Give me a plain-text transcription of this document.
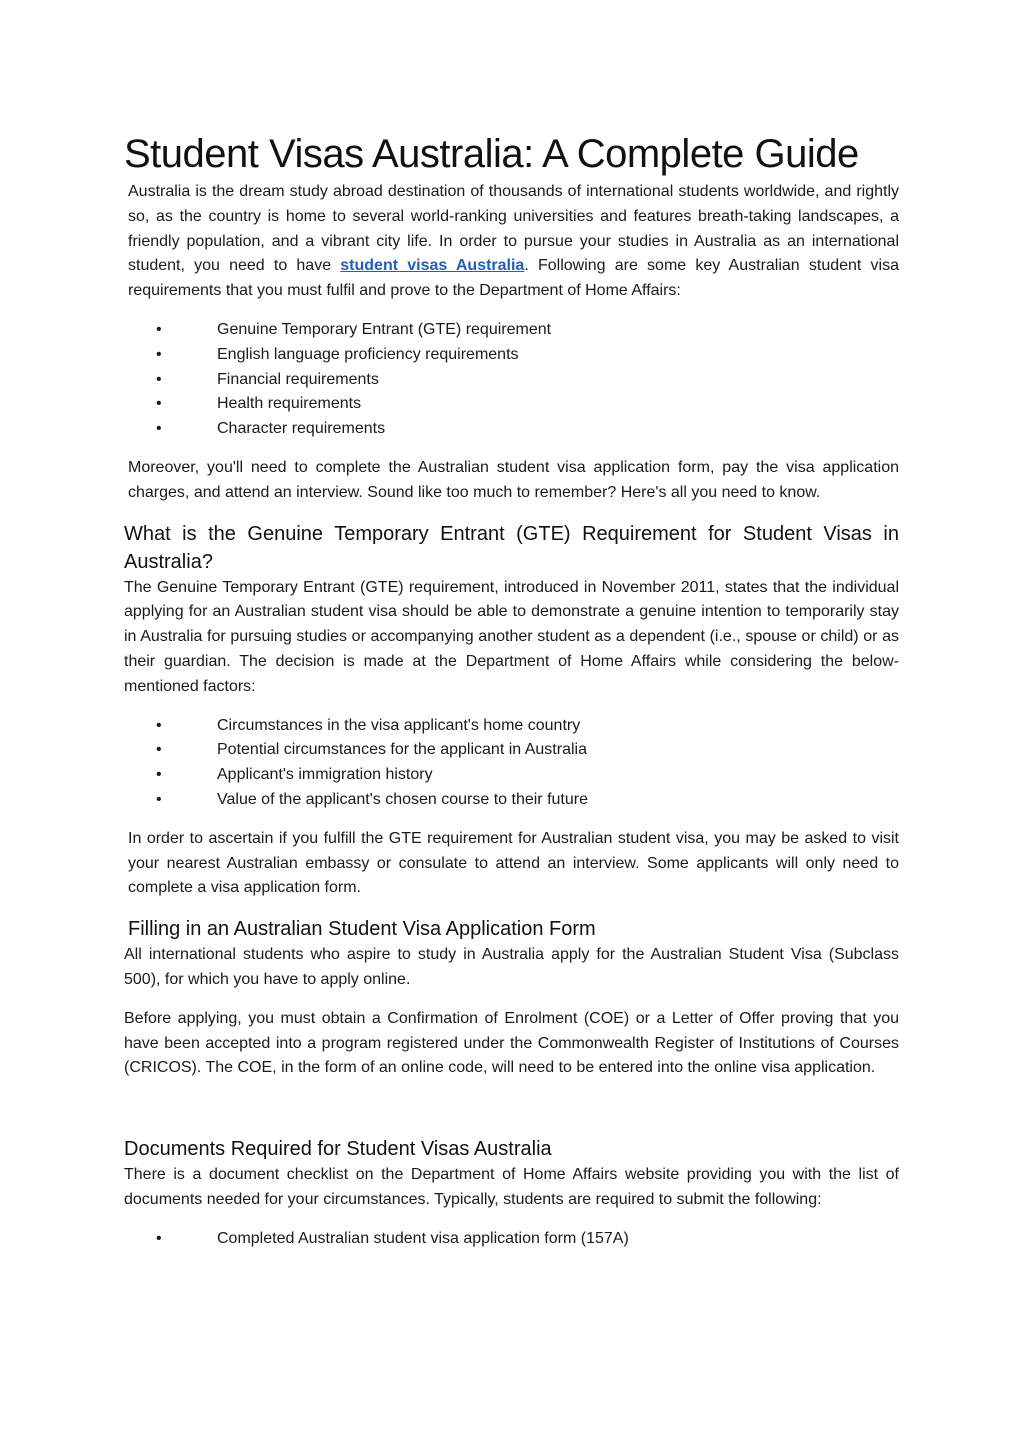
Student Visas Australia: A Complete Guide

Australia is the dream study abroad destination of thousands of international students worldwide, and rightly so, as the country is home to several world-ranking universities and features breath-taking landscapes, a friendly population, and a vibrant city life. In order to pursue your studies in Australia as an international student, you need to have student visas Australia. Following are some key Australian student visa requirements that you must fulfil and prove to the Department of Home Affairs:

•	Genuine Temporary Entrant (GTE) requirement
•	English language proficiency requirements
•	Financial requirements
•	Health requirements
•	Character requirements

Moreover, you'll need to complete the Australian student visa application form, pay the visa application charges, and attend an interview. Sound like too much to remember? Here's all you need to know.

What is the Genuine Temporary Entrant (GTE) Requirement for Student Visas in Australia?

The Genuine Temporary Entrant (GTE) requirement, introduced in November 2011, states that the individual applying for an Australian student visa should be able to demonstrate a genuine intention to temporarily stay in Australia for pursuing studies or accompanying another student as a dependent (i.e., spouse or child) or as their guardian. The decision is made at the Department of Home Affairs while considering the below-mentioned factors:

•	Circumstances in the visa applicant's home country
•	Potential circumstances for the applicant in Australia
•	Applicant's immigration history
•	Value of the applicant's chosen course to their future

In order to ascertain if you fulfill the GTE requirement for Australian student visa, you may be asked to visit your nearest Australian embassy or consulate to attend an interview. Some applicants will only need to complete a visa application form.

Filling in an Australian Student Visa Application Form

All international students who aspire to study in Australia apply for the Australian Student Visa (Subclass 500), for which you have to apply online.

Before applying, you must obtain a Confirmation of Enrolment (COE) or a Letter of Offer proving that you have been accepted into a program registered under the Commonwealth Register of Institutions of Courses (CRICOS). The COE, in the form of an online code, will need to be entered into the online visa application.

Documents Required for Student Visas Australia

There is a document checklist on the Department of Home Affairs website providing you with the list of documents needed for your circumstances. Typically, students are required to submit the following:

•	Completed Australian student visa application form (157A)
